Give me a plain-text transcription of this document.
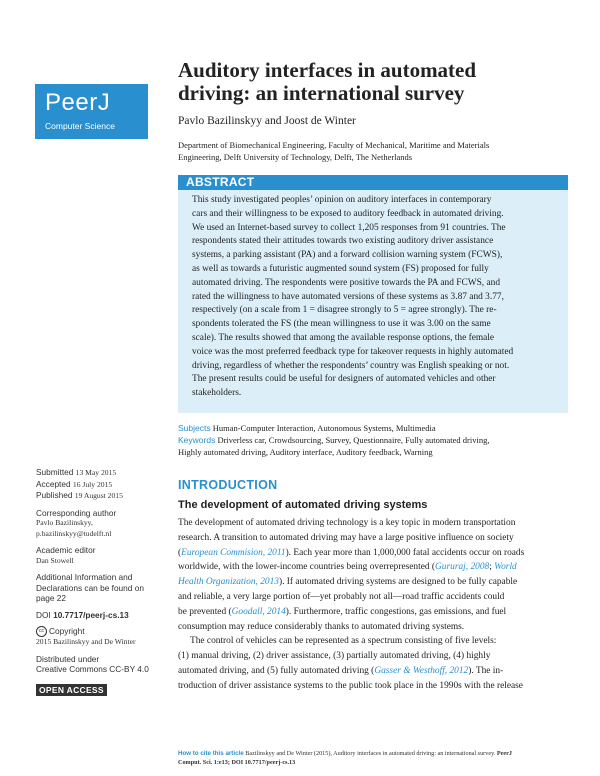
PeerJ
Computer Science
Auditory interfaces in automated
driving: an international survey
Pavlo Bazilinskyy and Joost de Winter
Department of Biomechanical Engineering, Faculty of Mechanical, Maritime and Materials
Engineering, Delft University of Technology, Delft, The Netherlands
ABSTRACT
This study investigated peoples’ opinion on auditory interfaces in contemporary
cars and their willingness to be exposed to auditory feedback in automated driving.
We used an Internet-based survey to collect 1,205 responses from 91 countries. The
respondents stated their attitudes towards two existing auditory driver assistance
systems, a parking assistant (PA) and a forward collision warning system (FCWS),
as well as towards a futuristic augmented sound system (FS) proposed for fully
automated driving. The respondents were positive towards the PA and FCWS, and
rated the willingness to have automated versions of these systems as 3.87 and 3.77,
respectively (on a scale from 1 = disagree strongly to 5 = agree strongly). The re-
spondents tolerated the FS (the mean willingness to use it was 3.00 on the same
scale). The results showed that among the available response options, the female
voice was the most preferred feedback type for takeover requests in highly automated
driving, regardless of whether the respondents’ country was English speaking or not.
The present results could be useful for designers of automated vehicles and other
stakeholders.
Subjects Human-Computer Interaction, Autonomous Systems, Multimedia
Keywords Driverless car, Crowdsourcing, Survey, Questionnaire, Fully automated driving,
Highly automated driving, Auditory interface, Auditory feedback, Warning
Submitted 13 May 2015
Accepted 16 July 2015
Published 19 August 2015
Corresponding author
Pavlo Bazilinskyy,
p.bazilinskyy@tudelft.nl
Academic editor
Dan Stowell
Additional Information and
Declarations can be found on
page 22
DOI 10.7717/peerj-cs.13
cc Copyright
2015 Bazilinskyy and De Winter
Distributed under
Creative Commons CC-BY 4.0
OPEN ACCESS
INTRODUCTION
The development of automated driving systems
The development of automated driving technology is a key topic in modern transportation
research. A transition to automated driving may have a large positive influence on society
(European Commision, 2011). Each year more than 1,000,000 fatal accidents occur on roads
worldwide, with the lower-income countries being overrepresented (Gururaj, 2008; World
Health Organization, 2013). If automated driving systems are designed to be fully capable
and reliable, a very large portion of—yet probably not all—road traffic accidents could
be prevented (Goodall, 2014). Furthermore, traffic congestions, gas emissions, and fuel
consumption may reduce considerably thanks to automated driving systems.
The control of vehicles can be represented as a spectrum consisting of five levels:
(1) manual driving, (2) driver assistance, (3) partially automated driving, (4) highly
automated driving, and (5) fully automated driving (Gasser & Westhoff, 2012). The in-
troduction of driver assistance systems to the public took place in the 1990s with the release
How to cite this article Bazilinskyy and De Winter (2015), Auditory interfaces in automated driving: an international survey. PeerJ
Comput. Sci. 1:e13; DOI 10.7717/peerj-cs.13
